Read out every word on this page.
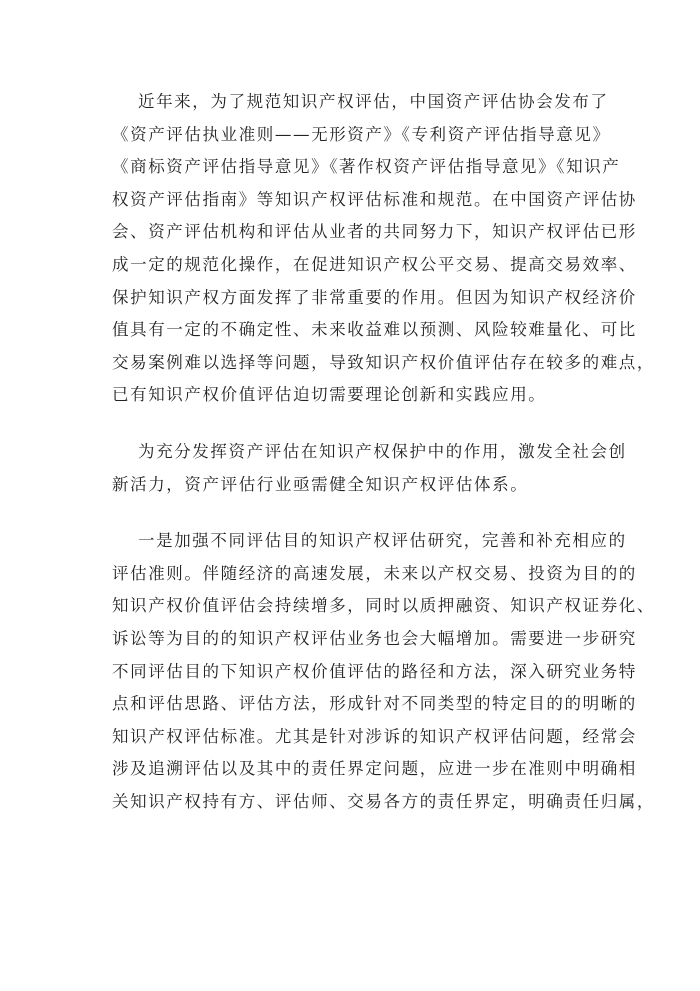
近年来，为了规范知识产权评估，中国资产评估协会发布了
《资产评估执业准则——无形资产》《专利资产评估指导意见》
《商标资产评估指导意见》《著作权资产评估指导意见》《知识产
权资产评估指南》等知识产权评估标准和规范。在中国资产评估协
会、资产评估机构和评估从业者的共同努力下，知识产权评估已形
成一定的规范化操作，在促进知识产权公平交易、提高交易效率、
保护知识产权方面发挥了非常重要的作用。但因为知识产权经济价
值具有一定的不确定性、未来收益难以预测、风险较难量化、可比
交易案例难以选择等问题，导致知识产权价值评估存在较多的难点，
已有知识产权价值评估迫切需要理论创新和实践应用。
为充分发挥资产评估在知识产权保护中的作用，激发全社会创
新活力，资产评估行业亟需健全知识产权评估体系。
一是加强不同评估目的知识产权评估研究，完善和补充相应的
评估准则。伴随经济的高速发展，未来以产权交易、投资为目的的
知识产权价值评估会持续增多，同时以质押融资、知识产权证券化、
诉讼等为目的的知识产权评估业务也会大幅增加。需要进一步研究
不同评估目的下知识产权价值评估的路径和方法，深入研究业务特
点和评估思路、评估方法，形成针对不同类型的特定目的的明晰的
知识产权评估标准。尤其是针对涉诉的知识产权评估问题，经常会
涉及追溯评估以及其中的责任界定问题，应进一步在准则中明确相
关知识产权持有方、评估师、交易各方的责任界定，明确责任归属，
